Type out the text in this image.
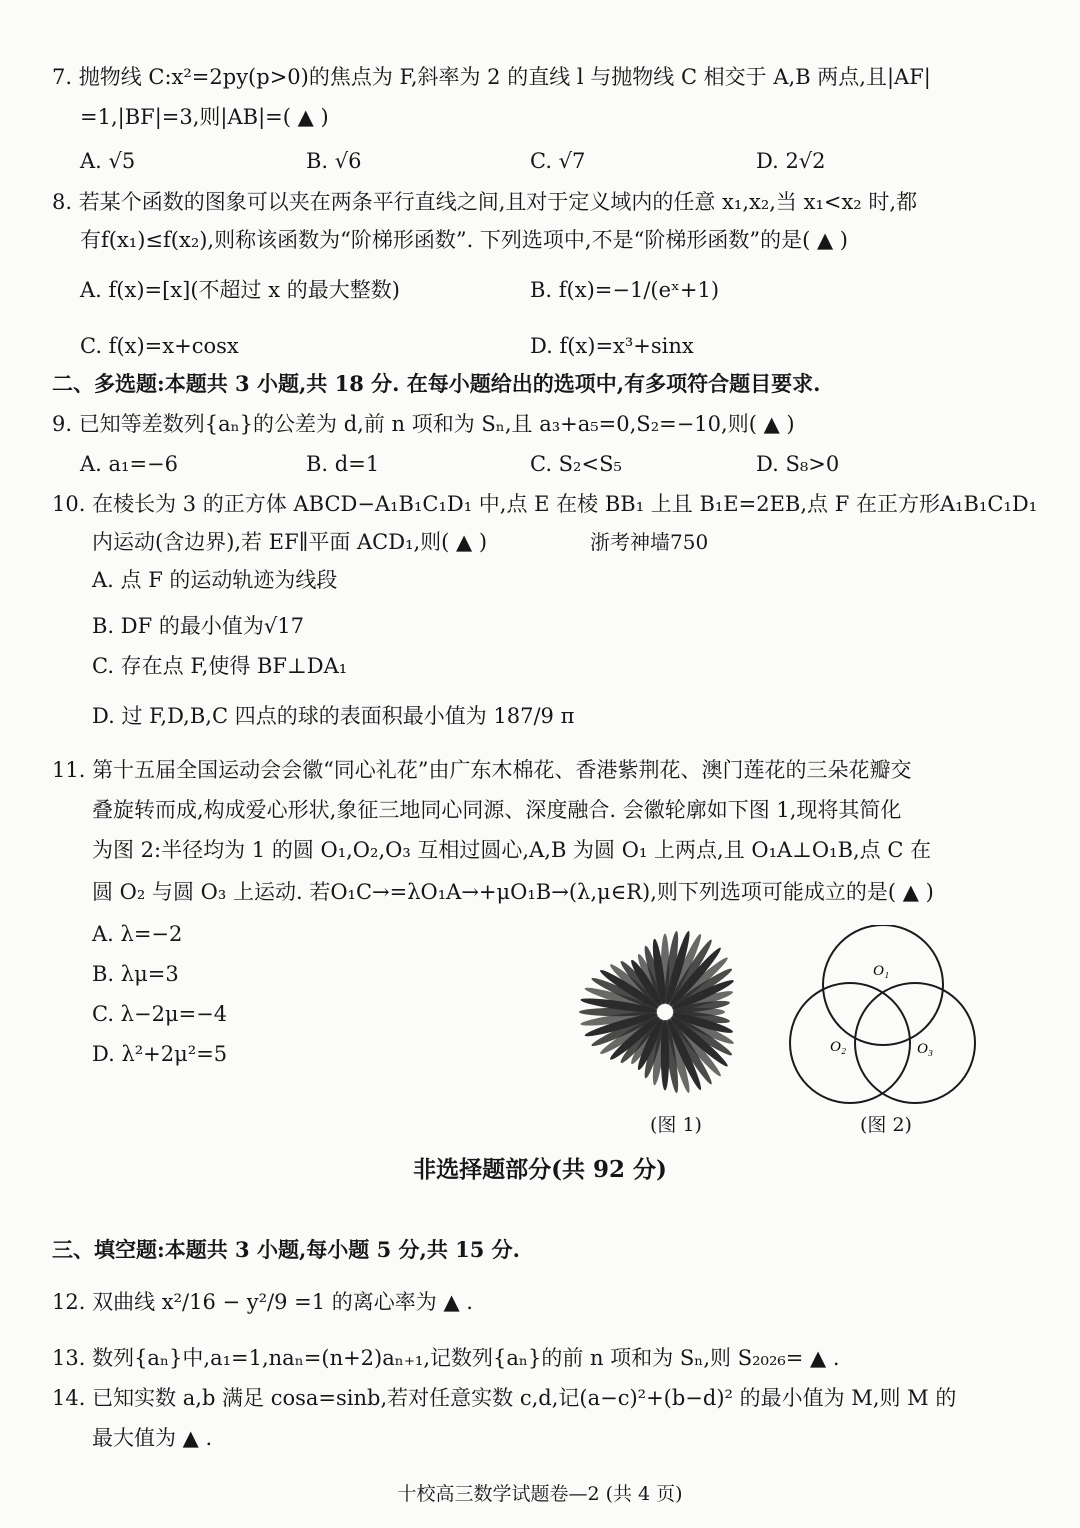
7. 抛物线 C:x²=2py(p>0)的焦点为 F,斜率为 2 的直线 l 与抛物线 C 相交于 A,B 两点,且|AF|
=1,|BF|=3,则|AB|=( ▲ )
A. √5	B. √6	C. √7	D. 2√2
8. 若某个函数的图象可以夹在两条平行直线之间,且对于定义域内的任意 x₁,x₂,当 x₁<x₂ 时,都
有f(x₁)≤f(x₂),则称该函数为“阶梯形函数”. 下列选项中,不是“阶梯形函数”的是( ▲ )
A. f(x)=[x](不超过 x 的最大整数)	B. f(x)=−1/(eˣ+1)
C. f(x)=x+cosx	D. f(x)=x³+sinx
二、多选题:本题共 3 小题,共 18 分. 在每小题给出的选项中,有多项符合题目要求.
9. 已知等差数列{aₙ}的公差为 d,前 n 项和为 Sₙ,且 a₃+a₅=0,S₂=−10,则( ▲ )
A. a₁=−6	B. d=1	C. S₂<S₅	D. S₈>0
10. 在棱长为 3 的正方体 ABCD−A₁B₁C₁D₁ 中,点 E 在棱 BB₁ 上且 B₁E=2EB,点 F 在正方形A₁B₁C₁D₁
内运动(含边界),若 EF∥平面 ACD₁,则( ▲ )	浙考神墙750
A. 点 F 的运动轨迹为线段
B. DF 的最小值为√17
C. 存在点 F,使得 BF⊥DA₁
D. 过 F,D,B,C 四点的球的表面积最小值为 187/9 π
11. 第十五届全国运动会会徽“同心礼花”由广东木棉花、香港紫荆花、澳门莲花的三朵花瓣交
叠旋转而成,构成爱心形状,象征三地同心同源、深度融合. 会徽轮廓如下图 1,现将其简化
为图 2:半径均为 1 的圆 O₁,O₂,O₃ 互相过圆心,A,B 为圆 O₁ 上两点,且 O₁A⊥O₁B,点 C 在
圆 O₂ 与圆 O₃ 上运动. 若O₁C→=λO₁A→+μO₁B→(λ,μ∈R),则下列选项可能成立的是( ▲ )
A. λ=−2
B. λμ=3
C. λ−2μ=−4
D. λ²+2μ²=5
(图 1)
O₁
O₂	O₃
(图 2)
非选择题部分(共 92 分)
三、填空题:本题共 3 小题,每小题 5 分,共 15 分.
12. 双曲线 x²/16 − y²/9 =1 的离心率为 ▲ .
13. 数列{aₙ}中,a₁=1,naₙ=(n+2)aₙ₊₁,记数列{aₙ}的前 n 项和为 Sₙ,则 S₂₀₂₆= ▲ .
14. 已知实数 a,b 满足 cosa=sinb,若对任意实数 c,d,记(a−c)²+(b−d)² 的最小值为 M,则 M 的
最大值为 ▲ .
十校高三数学试题卷—2 (共 4 页)
